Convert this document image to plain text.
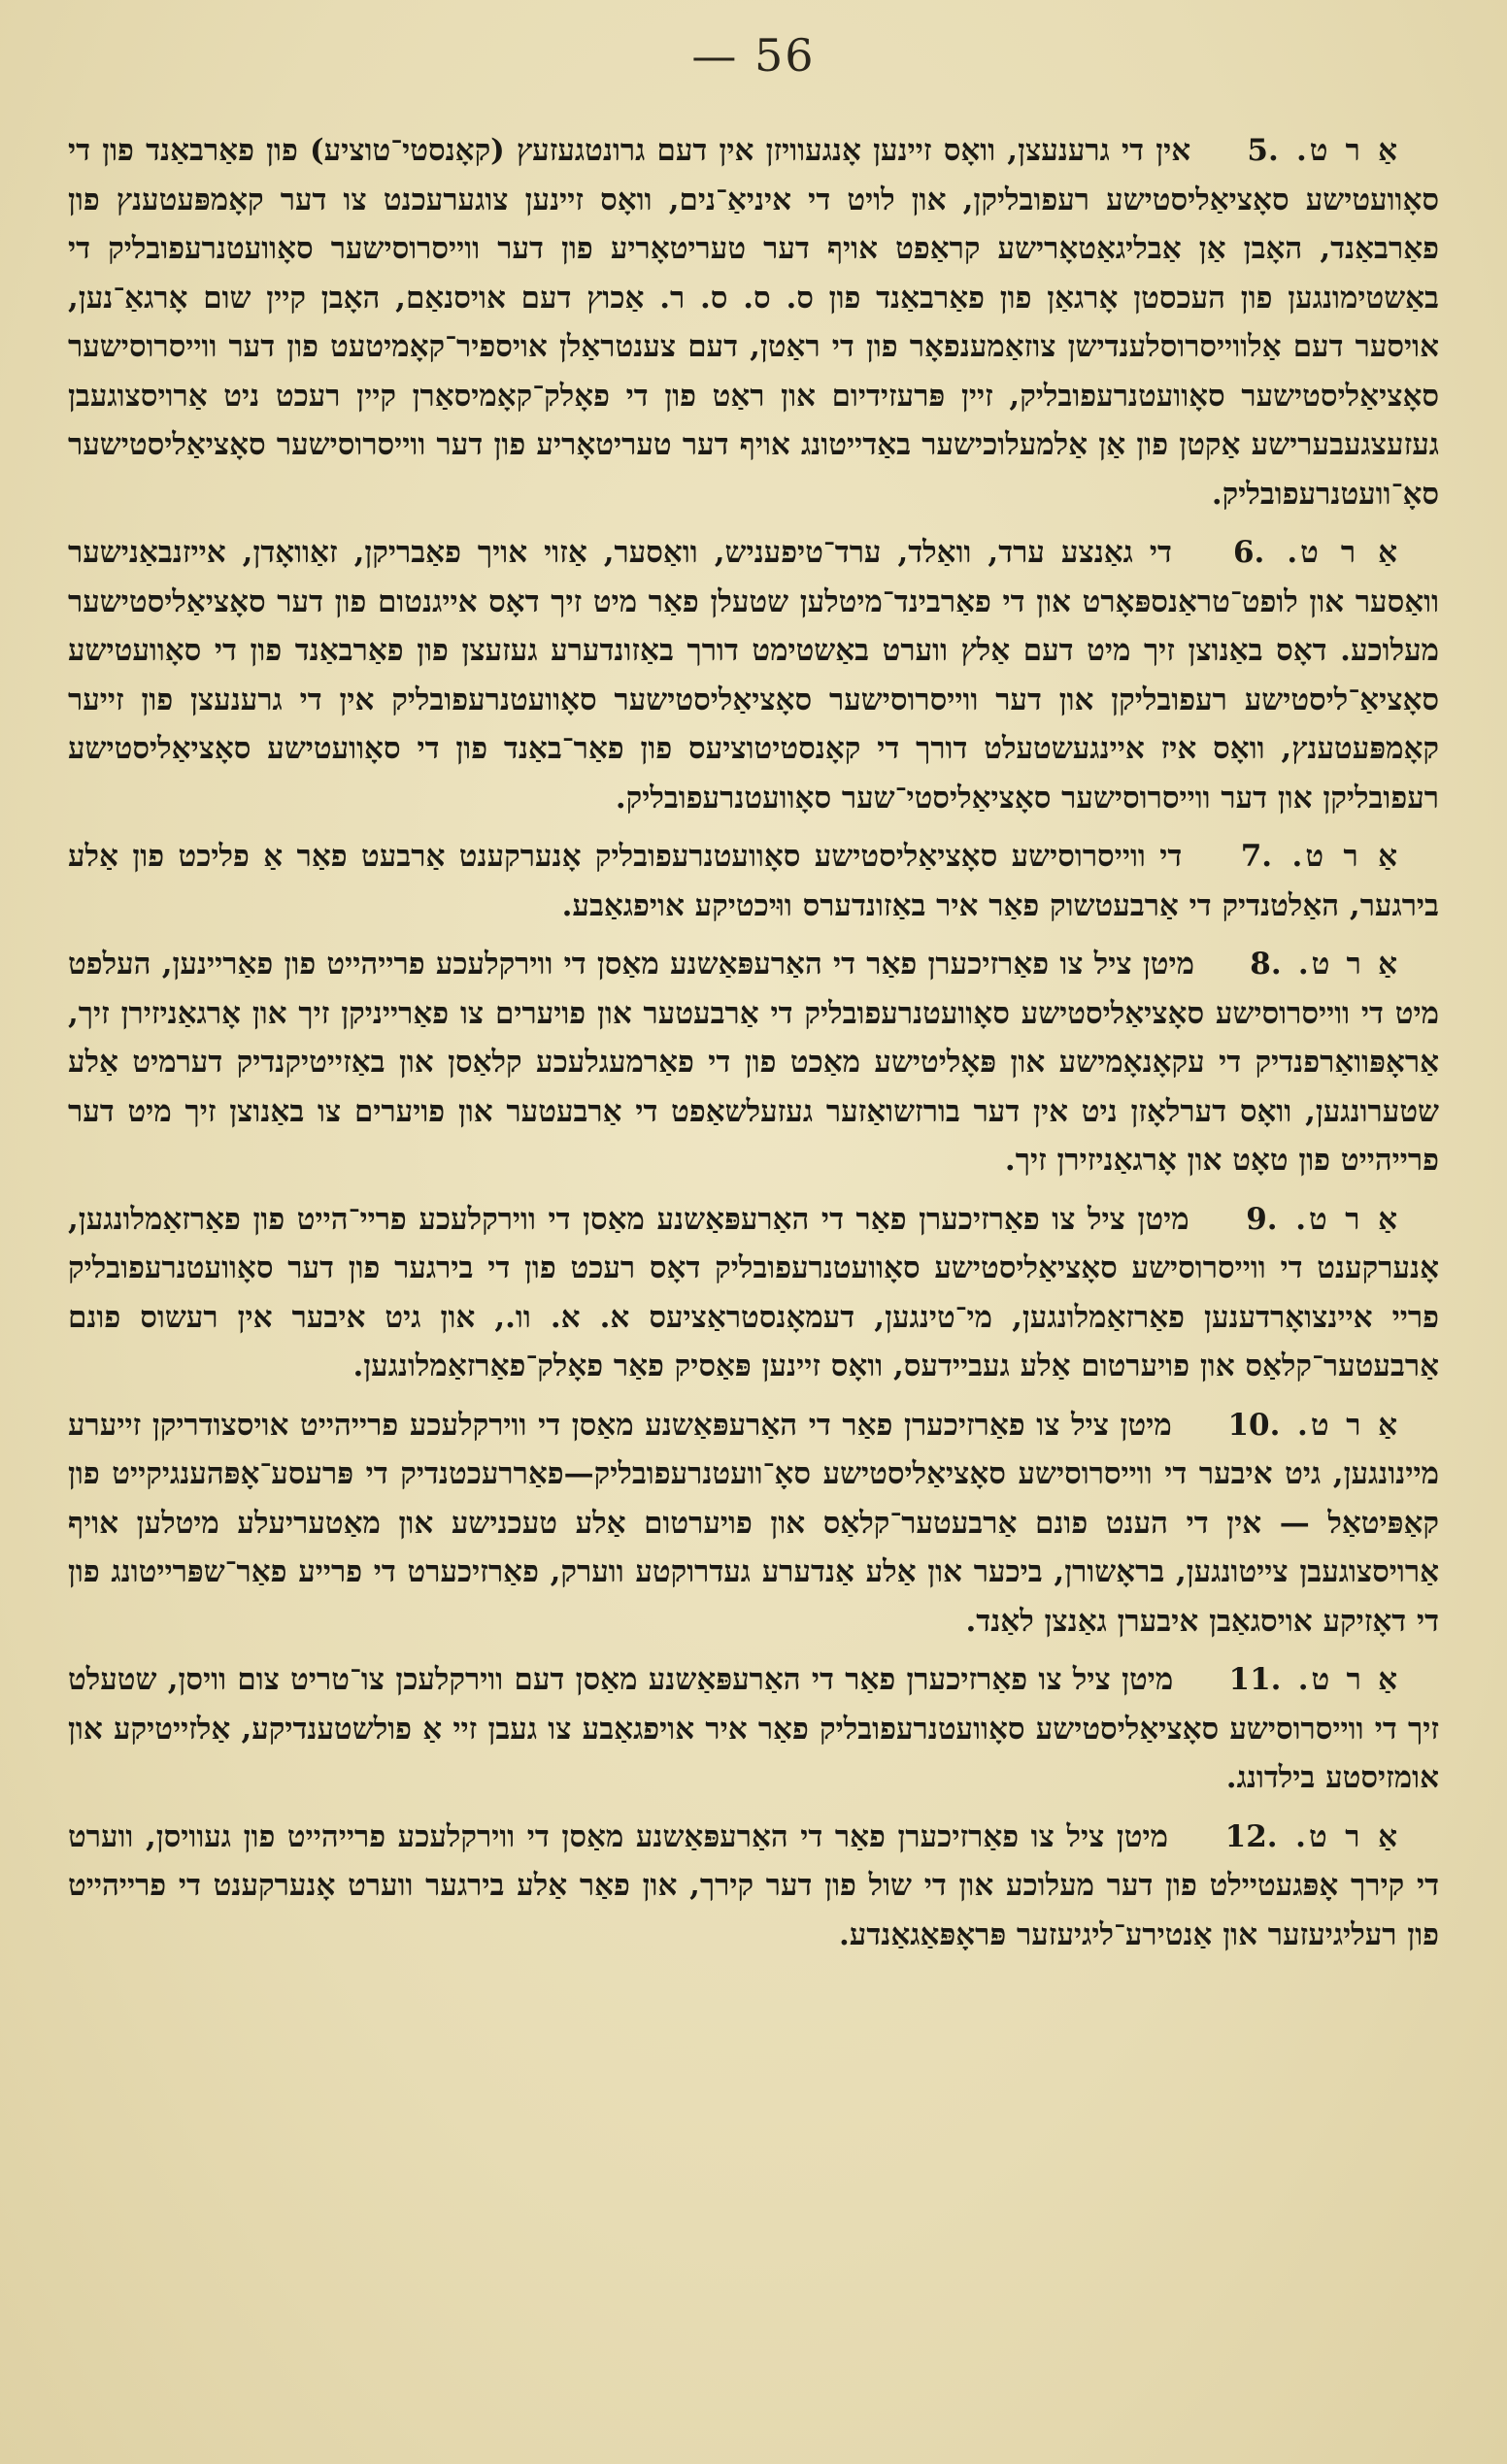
— 56

אַ ר ט. 5. אין די גרענעצן, וואָס זיינען אָנגעוויזן אין דעם גרונטגעזעץ (קאָנסטי־טוציע) פון פאַרבאַנד פון די סאָוועטישע סאָציאַליסטישע רעפובליקן, און לויט די איניאַ־נים, וואָס זיינען צוגערעכנט צו דער קאָמפּעטענץ פון פאַרבאַנד, האָבן אַן אַבליגאַטאָרישע קראַפט אויף דער טעריטאָריע פון דער ווייסרוסישער סאָוועטנרעפובליק די באַשטימונגען פון העכסטן אָרגאַן פון פאַרבאַנד פון ס. ס. ס. ר. אַכוץ דעם אויסנאַם, האָבן קיין שום אָרגאַ־נען, אויסער דעם אַלווייסרוסלענדישן צוזאַמענפאָר פון די ראַטן, דעם צענטראַלן אויספיר־קאָמיטעט פון דער ווייסרוסישער סאָציאַליסטישער סאָוועטנרעפובליק, זיין פּרעזידיום און ראַט פון די פאָלק־קאָמיסאַרן קיין רעכט ניט אַרויסצוגעבן געזעצגעבערישע אַקטן פון אַן אַלמעלוכישער באַדייטונג אויף דער טעריטאָריע פון דער ווייסרוסישער סאָציאַליסטישער סאָ־וועטנרעפובליק.

אַ ר ט. 6. די גאַנצע ערד, וואַלד, ערד־טיפעניש, וואַסער, אַזוי אויך פאַבריקן, זאַוואָדן, אייזנבאַנישער וואַסער און לופט־טראַנספּאָרט און די פאַרבינד־מיטלען שטעלן פאַר מיט זיך דאָס אייגנטום פון דער סאָציאַליסטישער מעלוכע. דאָס באַנוצן זיך מיט דעם אַלץ ווערט באַשטימט דורך באַזונדערע געזעצן פון פאַרבאַנד פון די סאָוועטישע סאָציאַ־ליסטישע רעפובליקן און דער ווייסרוסישער סאָציאַליסטישער סאָוועטנרעפובליק אין די גרענעצן פון זייער קאָמפּעטענץ, וואָס איז איינגעשטעלט דורך די קאָנסטיטוציעס פון פאַר־באַנד פון די סאָוועטישע סאָציאַליסטישע רעפובליקן און דער ווייסרוסישער סאָציאַליסטי־שער סאָוועטנרעפובליק.

אַ ר ט. 7. די ווייסרוסישע סאָציאַליסטישע סאָוועטנרעפובליק אָנערקענט אַרבעט פאַר אַ פליכט פון אַלע בירגער, האַלטנדיק די אַרבעטשוק פאַר איר באַזונדערס ווּיכטיקע אויפגאַבע.

אַ ר ט. 8. מיטן ציל צו פאַרזיכערן פאַר די האַרעפּאַשנע מאַסן די ווירקלעכע פרייהייט פון פאַריינען, העלפט מיט די ווייסרוסישע סאָציאַליסטישע סאָוועטנרעפובליק די אַרבעטער און פויערים צו פאַרייניקן זיך און אָרגאַניזירן זיך, אַראָפּוואַרפנדיק די עקאָנאָמישע און פּאָליטישע מאַכט פון די פאַרמעגלעכע קלאַסן און באַזייטיקנדיק דערמיט אַלע שטערונגען, וואָס דערלאָזן ניט אין דער בורזשואַזער געזעלשאַפט די אַרבעטער און פויערים צו באַנוצן זיך מיט דער פרייהייט פון טאָט און אָרגאַניזירן זיך.

אַ ר ט. 9. מיטן ציל צו פאַרזיכערן פאַר די האַרעפּאַשנע מאַסן די ווירקלעכע פריי־הייט פון פאַרזאַמלונגען, אָנערקענט די ווייסרוסישע סאָציאַליסטישע סאָוועטנרעפובליק דאָס רעכט פון די בירגער פון דער סאָוועטנרעפובליק פריי איינצואָרדענען פאַרזאַמלונגען, מי־טינגען, דעמאָנסטראַציעס א. א. וו., און גיט איבער אין רעשוס פונם אַרבעטער־קלאַס און פויערטום אַלע געביידעס, וואָס זיינען פּאַסיק פאַר פאָלק־פאַרזאַמלונגען.

אַ ר ט. 10. מיטן ציל צו פאַרזיכערן פאַר די האַרעפּאַשנע מאַסן די ווירקלעכע פרייהייט אויסצודריקן זייערע מיינונגען, גיט איבער די ווייסרוסישע סאָציאַליסטישע סאָ־וועטנרעפובליק—פאַררעכטנדיק די פּרעסע־אָפּהענגיקייט פון קאַפּיטאַל — אין די הענט פונם אַרבעטער־קלאַס און פויערטום אַלע טעכנישע און מאַטעריעלע מיטלען אויף אַרויסצוגעבן צייטונגען, בראָשורן, ביכער און אַלע אַנדערע געדרוקטע ווערק, פאַרזיכערט די פרייע פאַר־שפּרייטונג פון די דאָזיקע אויסגאַבן איבערן גאַנצן לאַנד.

אַ ר ט. 11. מיטן ציל צו פאַרזיכערן פאַר די האַרעפּאַשנע מאַסן דעם ווירקלעכן צו־טריט צום וויסן, שטעלט זיך די ווייסרוסישע סאָציאַליסטישע סאָוועטנרעפובליק פאַר איר אויפגאַבע צו געבן זיי אַ פולשטענדיקע, אַלזייטיקע און אומזיסטע בילדונג.

אַ ר ט. 12. מיטן ציל צו פאַרזיכערן פאַר די האַרעפּאַשנע מאַסן די ווירקלעכע פרייהייט פון געוויסן, ווערט די קירך אָפּגעטיילט פון דער מעלוכע און די שול פון דער קירך, און פאַר אַלע בירגער ווערט אָנערקענט די פרייהייט פון רעליגיעזער און אַנטירע־ליגיעזער פּראָפּאַגאַנדע.
